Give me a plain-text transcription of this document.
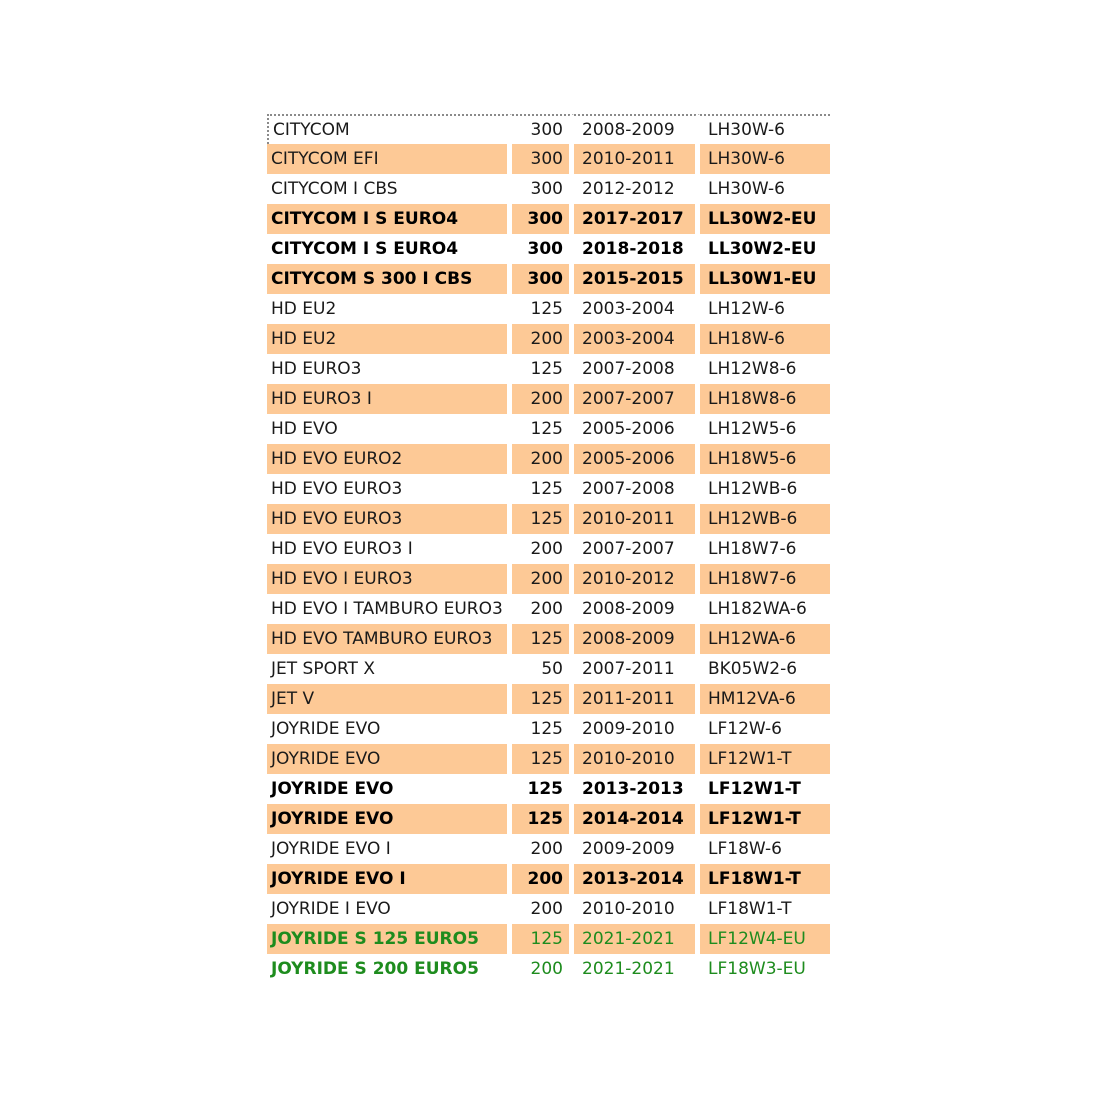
CITYCOM	300	2008-2009	LH30W-6
CITYCOM EFI	300	2010-2011	LH30W-6
CITYCOM I CBS	300	2012-2012	LH30W-6
CITYCOM I S EURO4	300	2017-2017	LL30W2-EU
CITYCOM I S EURO4	300	2018-2018	LL30W2-EU
CITYCOM S 300 I CBS	300	2015-2015	LL30W1-EU
HD EU2	125	2003-2004	LH12W-6
HD EU2	200	2003-2004	LH18W-6
HD EURO3	125	2007-2008	LH12W8-6
HD EURO3 I	200	2007-2007	LH18W8-6
HD EVO	125	2005-2006	LH12W5-6
HD EVO EURO2	200	2005-2006	LH18W5-6
HD EVO EURO3	125	2007-2008	LH12WB-6
HD EVO EURO3	125	2010-2011	LH12WB-6
HD EVO EURO3 I	200	2007-2007	LH18W7-6
HD EVO I EURO3	200	2010-2012	LH18W7-6
HD EVO I TAMBURO EURO3	200	2008-2009	LH182WA-6
HD EVO TAMBURO EURO3	125	2008-2009	LH12WA-6
JET SPORT X	50	2007-2011	BK05W2-6
JET V	125	2011-2011	HM12VA-6
JOYRIDE EVO	125	2009-2010	LF12W-6
JOYRIDE EVO	125	2010-2010	LF12W1-T
JOYRIDE EVO	125	2013-2013	LF12W1-T
JOYRIDE EVO	125	2014-2014	LF12W1-T
JOYRIDE EVO I	200	2009-2009	LF18W-6
JOYRIDE EVO I	200	2013-2014	LF18W1-T
JOYRIDE I EVO	200	2010-2010	LF18W1-T
JOYRIDE S 125 EURO5	125	2021-2021	LF12W4-EU
JOYRIDE S 200 EURO5	200	2021-2021	LF18W3-EU
